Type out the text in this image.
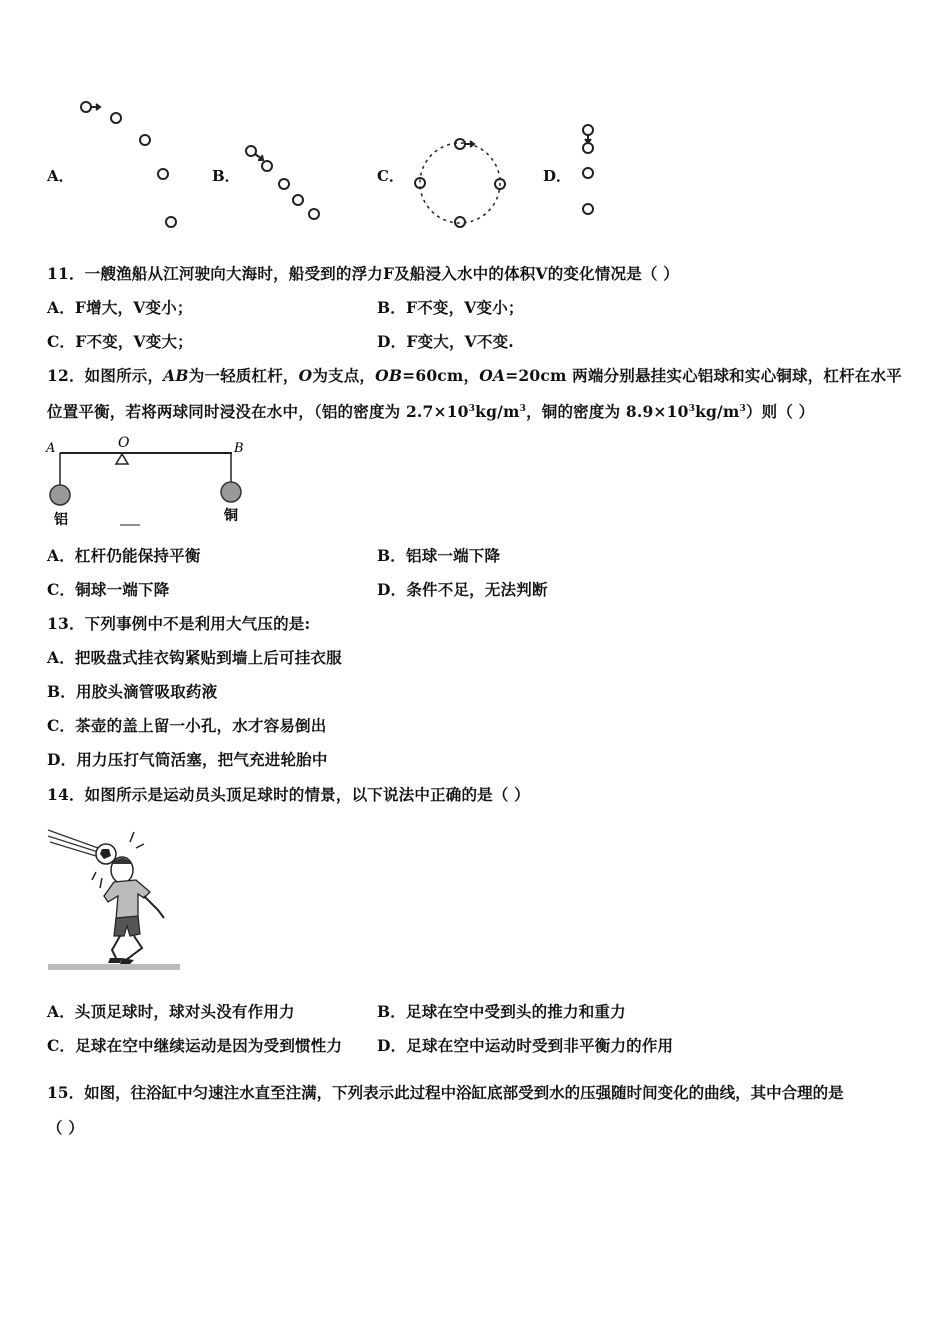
A．	B．	C．	D．
11．一艘渔船从江河驶向大海时，船受到的浮力F及船浸入水中的体积V的变化情况是（ ）
A．F增大，V变小；	B．F不变，V变小；
C．F不变，V变大；	D．F变大，V不变.
12．如图所示，AB为一轻质杠杆，O为支点，OB=60cm，OA=20cm 两端分别悬挂实心铝球和实心铜球，杠杆在水平
位置平衡，若将两球同时浸没在水中，（铝的密度为 $2.7\times 10^3kg/m^3$，铜的密度为 $8.9\times 10^3kg/m^3$）则（ ）
A	O	B
铝	铜
A．杠杆仍能保持平衡	B．铝球一端下降
C．铜球一端下降	D．条件不足，无法判断
13．下列事例中不是利用大气压的是:
A．把吸盘式挂衣钩紧贴到墙上后可挂衣服
B．用胶头滴管吸取药液
C．茶壶的盖上留一小孔，水才容易倒出
D．用力压打气筒活塞，把气充进轮胎中
14．如图所示是运动员头顶足球时的情景，以下说法中正确的是（ ）
A．头顶足球时，球对头没有作用力	B．足球在空中受到头的推力和重力
C．足球在空中继续运动是因为受到惯性力 D．足球在空中运动时受到非平衡力的作用
15．如图，往浴缸中匀速注水直至注满，下列表示此过程中浴缸底部受到水的压强随时间变化的曲线，其中合理的是
（ ）
